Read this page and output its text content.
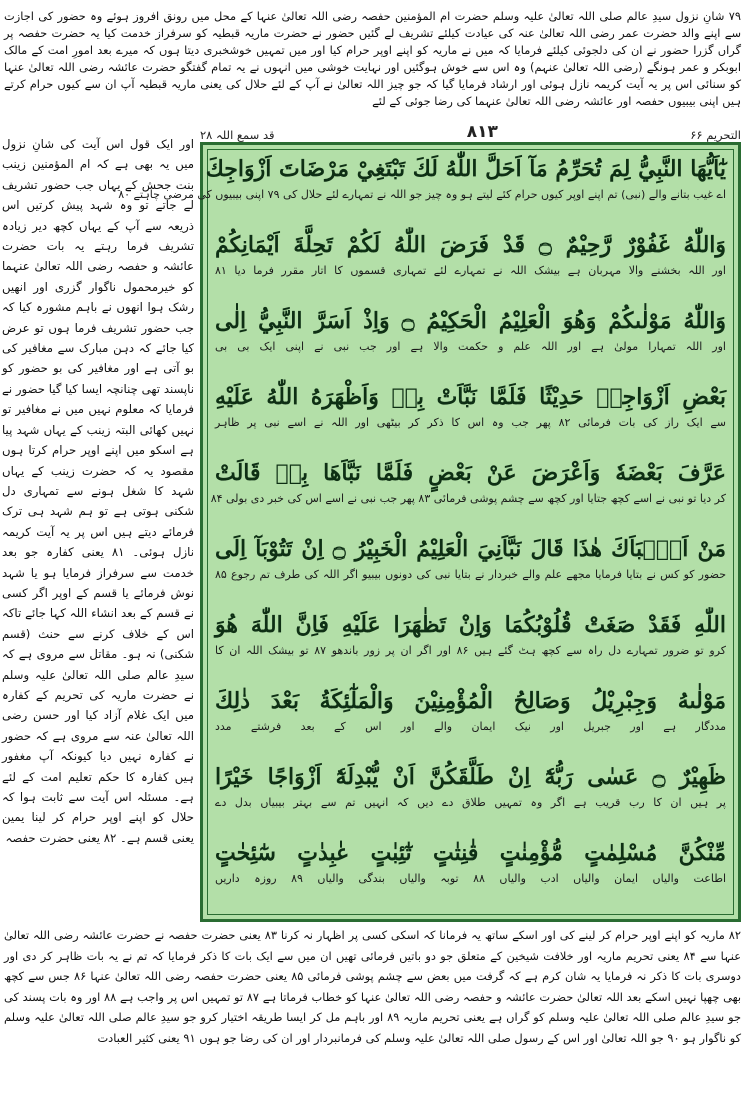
۷۹ شانِ نزول سیدِ عالم صلی اللہ تعالیٰ علیہ وسلم حضرت ام المؤمنین حفصہ رضی اللہ تعالیٰ عنہا کے محل میں رونق افروز ہوئے وہ حضور کی اجازت سے اپنے والد حضرت عمر رضی اللہ تعالیٰ عنہ کی عیادت کیلئے تشریف لے گئیں حضور نے حضرت ماریہ قبطیہ کو سرفراز خدمت کیا یہ حضرت حفصہ پر گراں گزرا حضور نے ان کی دلجوئی کیلئے فرمایا کہ میں نے ماریہ کو اپنے اوپر حرام کیا اور میں تمہیں خوشخبری دیتا ہوں کہ میرے بعد امورِ امت کے مالک ابوبکر و عمر ہونگے (رضی اللہ تعالیٰ عنہم) وہ اس سے خوش ہوگئیں اور نہایت خوشی میں انہوں نے یہ تمام گفتگو حضرت عائشہ رضی اللہ تعالیٰ عنہا کو سنائی اس پر یہ آیت کریمہ نازل ہوئی اور ارشاد فرمایا گیا کہ جو چیز اللہ تعالیٰ نے آپ کے لئے حلال کی یعنی ماریہ قبطیہ آپ ان سے کیوں حرام کرتے ہیں اپنی بیبیوں حفصہ اور عائشہ رضی اللہ تعالیٰ عنہما کی رضا جوئی کے لئے

اور ایک قول اس آیت کی شانِ نزول میں یہ بھی ہے کہ ام المؤمنین زینب بنت جحش کے یہاں جب حضور تشریف لے جاتے تو وہ شہد پیش کرتیں اس ذریعہ سے آپ کے یہاں کچھ دیر زیادہ تشریف فرما رہتے یہ بات حضرت عائشہ و حفصہ رضی اللہ تعالیٰ عنہما کو خیرمحمول ناگوار گزری اور انھیں رشک ہوا انھوں نے باہم مشورہ کیا کہ جب حضور تشریف فرما ہوں تو عرض کیا جائے کہ دہن مبارک سے مغافیر کی بو آتی ہے اور مغافیر کی بو حضور کو ناپسند تھی چنانچہ ایسا کیا گیا حضور نے فرمایا کہ معلوم نہیں میں نے مغافیر تو نہیں کھائی البتہ زینب کے یہاں شہد پیا ہے اسکو میں اپنے اوپر حرام کرتا ہوں مقصود یہ کہ حضرت زینب کے یہاں شہد کا شغل ہونے سے تمہاری دل شکنی ہوتی ہے تو ہم شہد ہی ترک فرمائے دیتے ہیں اس پر یہ آیت کریمہ نازل ہوئی۔ ۸۱ یعنی کفارہ جو بعد خدمت سے سرفراز فرمایا ہو یا شہد نوش فرمائے یا قسم کے اوپر اگر کسی نے قسم کے بعد انشاء اللہ کہا جائے تاکہ اس کے خلاف کرنے سے حنث (قسم شکنی) نہ ہو۔ مقاتل سے مروی ہے کہ سیدِ عالم صلی اللہ تعالیٰ علیہ وسلم نے حضرت ماریہ کی تحریم کے کفارہ میں ایک غلام آزاد کیا اور حسن رضی اللہ تعالیٰ عنہ سے مروی ہے کہ حضور نے کفارہ نہیں دیا کیونکہ آپ مغفور ہیں کفارہ کا حکم تعلیم امت کے لئے ہے۔ مسئلہ اس آیت سے ثابت ہوا کہ حلال کو اپنے اوپر حرام کر لینا یمین یعنی قسم ہے۔ ۸۲ یعنی حضرت حفصہ

قد سمع اللہ ۲۸	۸۱۳	التحریم ۶۶
يٰٓاَيُّهَا النَّبِيُّ لِمَ تُحَرِّمُ مَآ اَحَلَّ اللّٰهُ لَكَ تَبْتَغِيْ مَرْضَاتَ اَزْوَاجِكَ
اے غیب بتانے والے (نبی) تم اپنے اوپر کیوں حرام کئے لیتے ہو وہ چیز جو اللہ نے تمہارے لئے حلال کی ۷۹ اپنی بیبیوں کی مرضی چاہتے ۸۰
وَاللّٰهُ غَفُوْرٌ رَّحِيْمٌ ۝ قَدْ فَرَضَ اللّٰهُ لَكُمْ تَحِلَّةَ اَيْمَانِكُمْ
اور اللہ بخشنے والا مہربان ہے بیشک اللہ نے تمہارے لئے تمہاری قسموں کا اتار مقرر فرما دیا ۸۱
وَاللّٰهُ مَوْلٰىكُمْ وَهُوَ الْعَلِيْمُ الْحَكِيْمُ ۝ وَاِذْ اَسَرَّ النَّبِيُّ اِلٰى
اور اللہ تمہارا مولیٰ ہے اور اللہ علم و حکمت والا ہے اور جب نبی نے اپنی ایک بی بی
بَعْضِ اَزْوَاجِهٖ حَدِيْثًا فَلَمَّا نَبَّاَتْ بِهٖ وَاَظْهَرَهُ اللّٰهُ عَلَيْهِ
سے ایک راز کی بات فرمائی ۸۲ پھر جب وہ اس کا ذکر کر بیٹھی اور اللہ نے اسے نبی پر ظاہر
عَرَّفَ بَعْضَهٗ وَاَعْرَضَ عَنْ بَعْضٍ فَلَمَّا نَبَّاَهَا بِهٖ قَالَتْ
کر دیا تو نبی نے اسے کچھ جتایا اور کچھ سے چشم پوشی فرمائی ۸۳ پھر جب نبی نے اسے اس کی خبر دی بولی ۸۴
مَنْ اَنْۢبَاَكَ هٰذَا قَالَ نَبَّاَنِيَ الْعَلِيْمُ الْخَبِيْرُ ۝ اِنْ تَتُوْبَآ اِلَى
حضور کو کس نے بتایا فرمایا مجھے علم والے خبردار نے بتایا نبی کی دونوں بیبیو اگر اللہ کی طرف تم رجوع ۸۵
اللّٰهِ فَقَدْ صَغَتْ قُلُوْبُكُمَا وَاِنْ تَظٰهَرَا عَلَيْهِ فَاِنَّ اللّٰهَ هُوَ
کرو تو ضرور تمہارے دل راہ سے کچھ ہٹ گئے ہیں ۸۶ اور اگر ان پر زور باندھو ۸۷ تو بیشک اللہ ان کا
مَوْلٰىهُ وَجِبْرِيْلُ وَصَالِحُ الْمُؤْمِنِيْنَ وَالْمَلٰٓئِكَةُ بَعْدَ ذٰلِكَ
مددگار ہے اور جبریل اور نیک ایمان والے اور اس کے بعد فرشتے مدد
ظَهِيْرٌ ۝ عَسٰى رَبُّهٗٓ اِنْ طَلَّقَكُنَّ اَنْ يُّبْدِلَهٗٓ اَزْوَاجًا خَيْرًا
پر ہیں ان کا رب قریب ہے اگر وہ تمہیں طلاق دے دیں کہ انہیں تم سے بہتر بیبیاں بدل دے
مِّنْكُنَّ مُسْلِمٰتٍ مُّؤْمِنٰتٍ قٰنِتٰتٍ تٰٓئِبٰتٍ عٰبِدٰتٍ سٰٓئِحٰتٍ
اطاعت والیاں ایمان والیاں ادب والیاں ۸۸ توبہ والیاں بندگی والیاں ۸۹ روزہ داریں

۸۲ ماریہ کو اپنے اوپر حرام کر لینے کی اور اسکے ساتھ یہ فرمانا کہ اسکی کسی پر اظہار نہ کرنا ۸۳ یعنی حضرت حفصہ نے حضرت عائشہ رضی اللہ تعالیٰ عنہا سے ۸۴ یعنی تحریم ماریہ اور خلافت شیخین کے متعلق جو دو باتیں فرمائی تھیں ان میں سے ایک بات کا ذکر فرمایا کہ تم نے یہ بات ظاہر کر دی اور دوسری بات کا ذکر نہ فرمایا یہ شان کرم ہے کہ گرفت میں بعض سے چشم پوشی فرمائی ۸۵ یعنی حضرت حفصہ رضی اللہ تعالیٰ عنہا ۸۶ جس سے کچھ بھی چھپا نہیں اسکے بعد اللہ تعالیٰ حضرت عائشہ و حفصہ رضی اللہ تعالیٰ عنہا کو خطاب فرماتا ہے ۸۷ تو تمہیں اس پر واجب ہے ۸۸ اور وہ بات پسند کی جو سیدِ عالم صلی اللہ تعالیٰ علیہ وسلم کو گراں ہے یعنی تحریم ماریہ ۸۹ اور باہم مل کر ایسا طریقہ اختیار کرو جو سیدِ عالم صلی اللہ تعالیٰ علیہ وسلم کو ناگوار ہو ۹۰ جو اللہ تعالیٰ اور اس کے رسول صلی اللہ تعالیٰ علیہ وسلم کی فرمانبردار اور ان کی رضا جو ہوں ۹۱ یعنی کثیر العبادت
